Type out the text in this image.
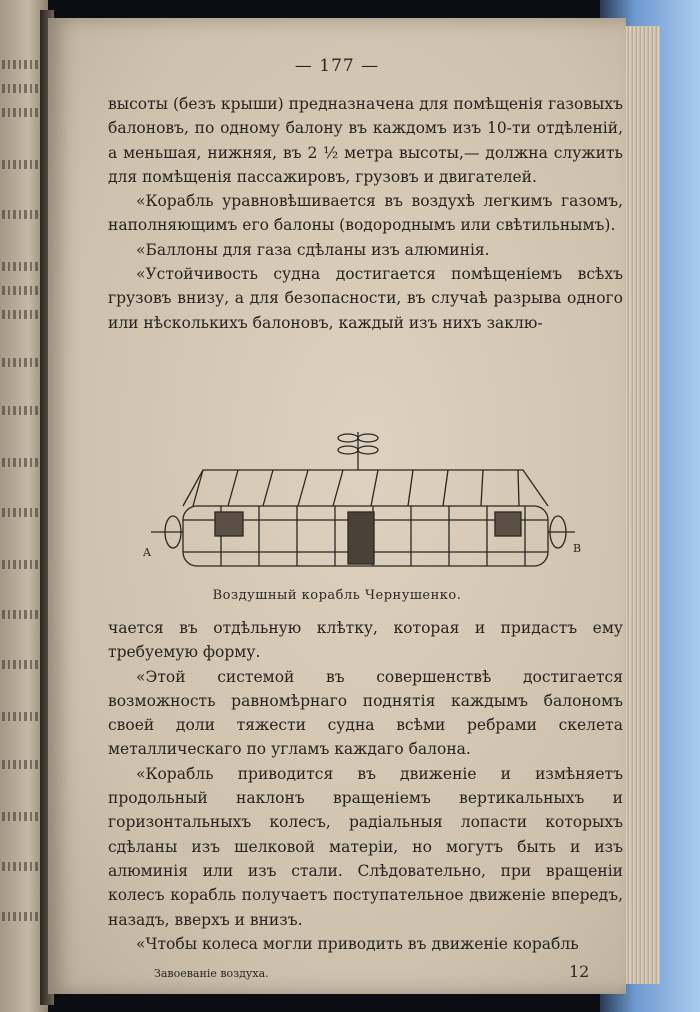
— 177 —

высоты (безъ крыши) предназначена для помѣщенія газовыхъ балоновъ, по одному балону въ каждомъ изъ 10-ти отдѣленій, а меньшая, нижняя, въ 2 ½ метра высоты,— должна служить для помѣщенія пассажировъ, грузовъ и двигателей.

«Корабль уравновѣшивается въ воздухѣ легкимъ газомъ, наполняющимъ его балоны (водороднымъ или свѣтильнымъ).

«Баллоны для газа сдѣланы изъ алюминія.

«Устойчивость судна достигается помѣщеніемъ всѣхъ грузовъ внизу, а для безопасности, въ случаѣ разрыва одного или нѣсколькихъ балоновъ, каждый изъ нихъ заклю-

A	B
Воздушный корабль Чернушенко.

чается въ отдѣльную клѣтку, которая и придастъ ему требуемую форму.

«Этой системой въ совершенствѣ достигается возможность равномѣрнаго поднятія каждымъ балономъ своей доли тяжести судна всѣми ребрами скелета металлическаго по угламъ каждаго балона.

«Корабль приводится въ движеніе и измѣняетъ продольный наклонъ вращеніемъ вертикальныхъ и горизонтальныхъ колесъ, радіальныя лопасти которыхъ сдѣланы изъ шелковой матеріи, но могутъ быть и изъ алюминія или изъ стали. Слѣдовательно, при вращеніи колесъ корабль получаетъ поступательное движеніе впередъ, назадъ, вверхъ и внизъ.

«Чтобы колеса могли приводить въ движеніе корабль

Завоеваніе воздуха.	12
